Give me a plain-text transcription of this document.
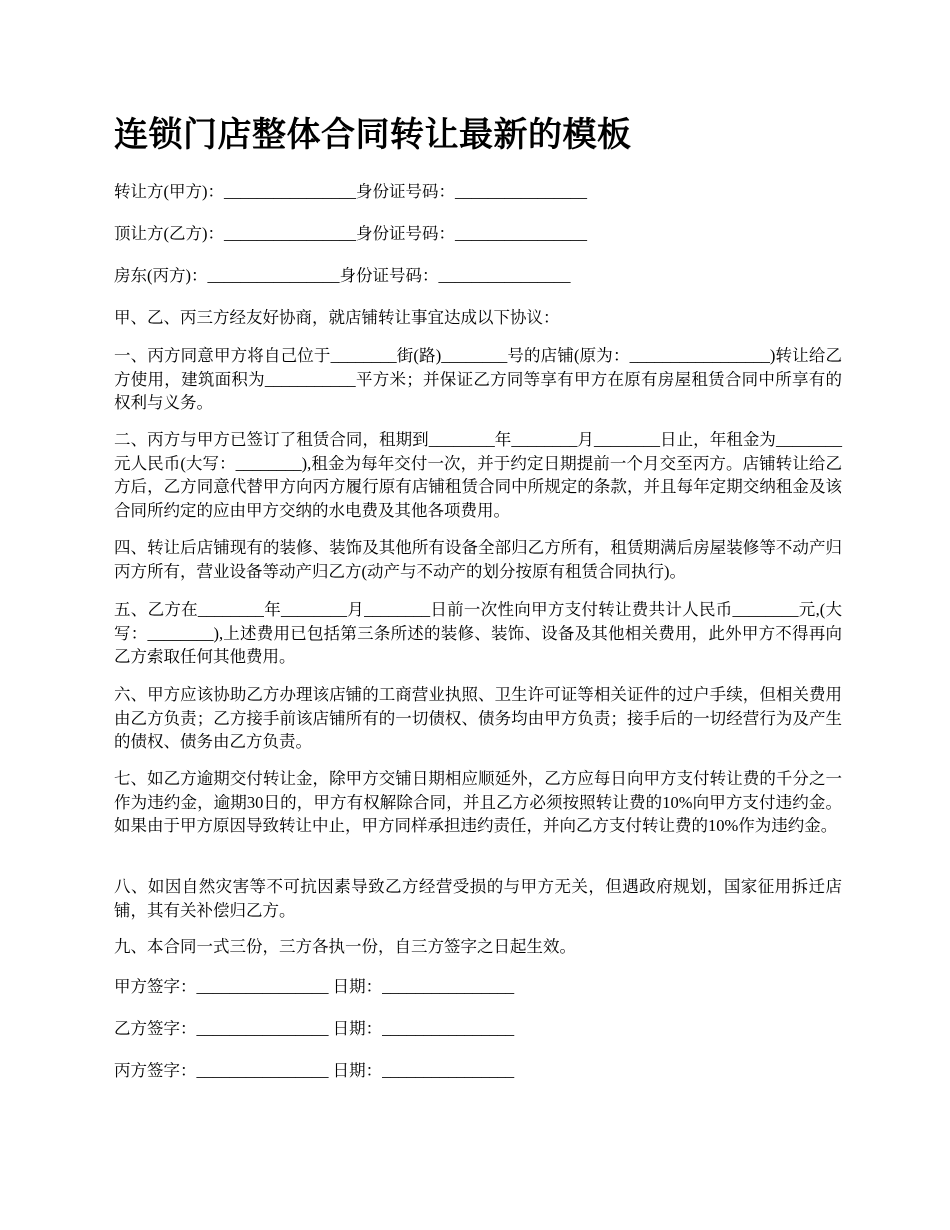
连锁门店整体合同转让最新的模板
转让方(甲方)：________________身份证号码：________________
顶让方(乙方)：________________身份证号码：________________
房东(丙方)：________________身份证号码：________________
甲、乙、丙三方经友好协商，就店铺转让事宜达成以下协议：
一、丙方同意甲方将自己位于________街(路)________号的店铺(原为：_________________)转让给乙方使用，建筑面积为___________平方米；并保证乙方同等享有甲方在原有房屋租赁合同中所享有的权利与义务。
二、丙方与甲方已签订了租赁合同，租期到________年________月________日止，年租金为________元人民币(大写：________),租金为每年交付一次，并于约定日期提前一个月交至丙方。店铺转让给乙方后，乙方同意代替甲方向丙方履行原有店铺租赁合同中所规定的条款，并且每年定期交纳租金及该合同所约定的应由甲方交纳的水电费及其他各项费用。
四、转让后店铺现有的装修、装饰及其他所有设备全部归乙方所有，租赁期满后房屋装修等不动产归丙方所有，营业设备等动产归乙方(动产与不动产的划分按原有租赁合同执行)。
五、乙方在________年________月________日前一次性向甲方支付转让费共计人民币________元,(大写：________),上述费用已包括第三条所述的装修、装饰、设备及其他相关费用，此外甲方不得再向乙方索取任何其他费用。
六、甲方应该协助乙方办理该店铺的工商营业执照、卫生许可证等相关证件的过户手续，但相关费用由乙方负责；乙方接手前该店铺所有的一切债权、债务均由甲方负责；接手后的一切经营行为及产生的债权、债务由乙方负责。
七、如乙方逾期交付转让金，除甲方交铺日期相应顺延外，乙方应每日向甲方支付转让费的千分之一作为违约金，逾期30日的，甲方有权解除合同，并且乙方必须按照转让费的10%向甲方支付违约金。如果由于甲方原因导致转让中止，甲方同样承担违约责任，并向乙方支付转让费的10%作为违约金。
八、如因自然灾害等不可抗因素导致乙方经营受损的与甲方无关，但遇政府规划，国家征用拆迁店铺，其有关补偿归乙方。
九、本合同一式三份，三方各执一份，自三方签字之日起生效。
甲方签字：________________ 日期：________________
乙方签字：________________ 日期：________________
丙方签字：________________ 日期：________________
